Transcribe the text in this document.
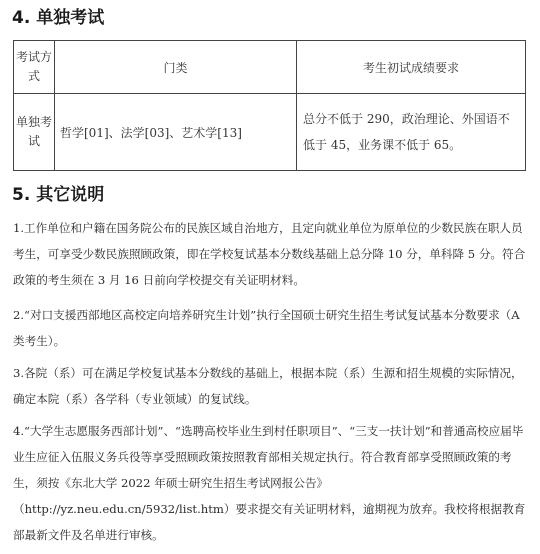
4. 单独考试
考试方式	门类	考生初试成绩要求
单独考试	哲学[01]、法学[03]、艺术学[13]	总分不低于 290，政治理论、外国语不低于 45，业务课不低于 65。
5. 其它说明

1.工作单位和户籍在国务院公布的民族区域自治地方，且定向就业单位为原单位的少数民族在职人员考生，可享受少数民族照顾政策，即在学校复试基本分数线基础上总分降 10 分，单科降 5 分。符合政策的考生须在 3 月 16 日前向学校提交有关证明材料。

2.“对口支援西部地区高校定向培养研究生计划”执行全国硕士研究生招生考试复试基本分数要求（A 类考生）。

3.各院（系）可在满足学校复试基本分数线的基础上，根据本院（系）生源和招生规模的实际情况，确定本院（系）各学科（专业领域）的复试线。

4.“大学生志愿服务西部计划”、“选聘高校毕业生到村任职项目”、“三支一扶计划”和普通高校应届毕业生应征入伍服义务兵役等享受照顾政策按照教育部相关规定执行。符合教育部享受照顾政策的考生，须按《东北大学 2022 年硕士研究生招生考试网报公告》（http://yz.neu.edu.cn/5932/list.htm）要求提交有关证明材料，逾期视为放弃。我校将根据教育部最新文件及名单进行审核。
